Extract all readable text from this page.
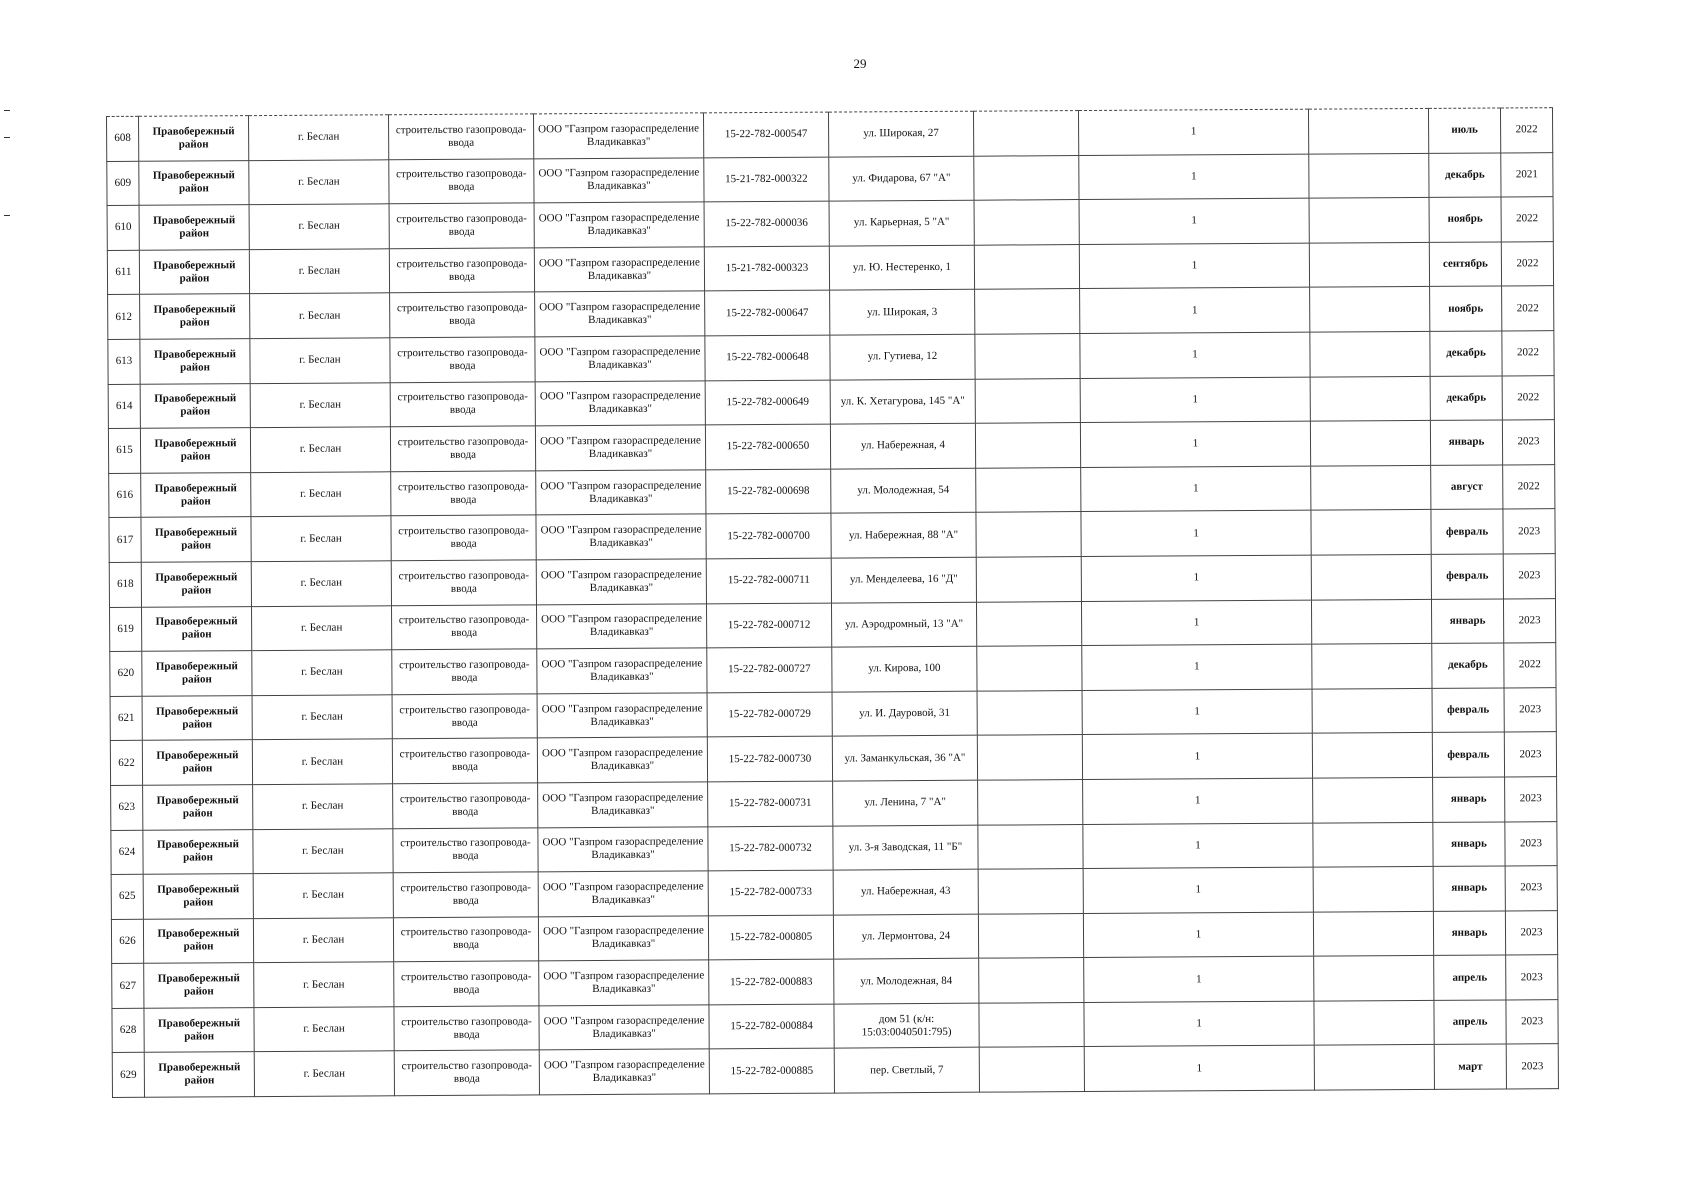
29
608	Правобережный район	г. Беслан	строительство газопровода-ввода	ООО "Газпром газораспределение Владикавказ"	15-22-782-000547	ул. Широкая, 27		1		июль	2022
609	Правобережный район	г. Беслан	строительство газопровода-ввода	ООО "Газпром газораспределение Владикавказ"	15-21-782-000322	ул. Фидарова, 67 "А"		1		декабрь	2021
610	Правобережный район	г. Беслан	строительство газопровода-ввода	ООО "Газпром газораспределение Владикавказ"	15-22-782-000036	ул. Карьерная, 5 "А"		1		ноябрь	2022
611	Правобережный район	г. Беслан	строительство газопровода-ввода	ООО "Газпром газораспределение Владикавказ"	15-21-782-000323	ул. Ю. Нестеренко, 1		1		сентябрь	2022
612	Правобережный район	г. Беслан	строительство газопровода-ввода	ООО "Газпром газораспределение Владикавказ"	15-22-782-000647	ул. Широкая, 3		1		ноябрь	2022
613	Правобережный район	г. Беслан	строительство газопровода-ввода	ООО "Газпром газораспределение Владикавказ"	15-22-782-000648	ул. Гутиева, 12		1		декабрь	2022
614	Правобережный район	г. Беслан	строительство газопровода-ввода	ООО "Газпром газораспределение Владикавказ"	15-22-782-000649	ул. К. Хетагурова, 145 "А"		1		декабрь	2022
615	Правобережный район	г. Беслан	строительство газопровода-ввода	ООО "Газпром газораспределение Владикавказ"	15-22-782-000650	ул. Набережная, 4		1		январь	2023
616	Правобережный район	г. Беслан	строительство газопровода-ввода	ООО "Газпром газораспределение Владикавказ"	15-22-782-000698	ул. Молодежная, 54		1		август	2022
617	Правобережный район	г. Беслан	строительство газопровода-ввода	ООО "Газпром газораспределение Владикавказ"	15-22-782-000700	ул. Набережная, 88 "А"		1		февраль	2023
618	Правобережный район	г. Беслан	строительство газопровода-ввода	ООО "Газпром газораспределение Владикавказ"	15-22-782-000711	ул. Менделеева, 16 "Д"		1		февраль	2023
619	Правобережный район	г. Беслан	строительство газопровода-ввода	ООО "Газпром газораспределение Владикавказ"	15-22-782-000712	ул. Аэродромный, 13 "А"		1		январь	2023
620	Правобережный район	г. Беслан	строительство газопровода-ввода	ООО "Газпром газораспределение Владикавказ"	15-22-782-000727	ул. Кирова, 100		1		декабрь	2022
621	Правобережный район	г. Беслан	строительство газопровода-ввода	ООО "Газпром газораспределение Владикавказ"	15-22-782-000729	ул. И. Дауровой, 31		1		февраль	2023
622	Правобережный район	г. Беслан	строительство газопровода-ввода	ООО "Газпром газораспределение Владикавказ"	15-22-782-000730	ул. Заманкульская, 36 "А"		1		февраль	2023
623	Правобережный район	г. Беслан	строительство газопровода-ввода	ООО "Газпром газораспределение Владикавказ"	15-22-782-000731	ул. Ленина, 7 "А"		1		январь	2023
624	Правобережный район	г. Беслан	строительство газопровода-ввода	ООО "Газпром газораспределение Владикавказ"	15-22-782-000732	ул. 3-я Заводская, 11 "Б"		1		январь	2023
625	Правобережный район	г. Беслан	строительство газопровода-ввода	ООО "Газпром газораспределение Владикавказ"	15-22-782-000733	ул. Набережная, 43		1		январь	2023
626	Правобережный район	г. Беслан	строительство газопровода-ввода	ООО "Газпром газораспределение Владикавказ"	15-22-782-000805	ул. Лермонтова, 24		1		январь	2023
627	Правобережный район	г. Беслан	строительство газопровода-ввода	ООО "Газпром газораспределение Владикавказ"	15-22-782-000883	ул. Молодежная, 84		1		апрель	2023
628	Правобережный район	г. Беслан	строительство газопровода-ввода	ООО "Газпром газораспределение Владикавказ"	15-22-782-000884	дом 51 (к/н: 15:03:0040501:795)		1		апрель	2023
629	Правобережный район	г. Беслан	строительство газопровода-ввода	ООО "Газпром газораспределение Владикавказ"	15-22-782-000885	пер. Светлый, 7		1		март	2023
